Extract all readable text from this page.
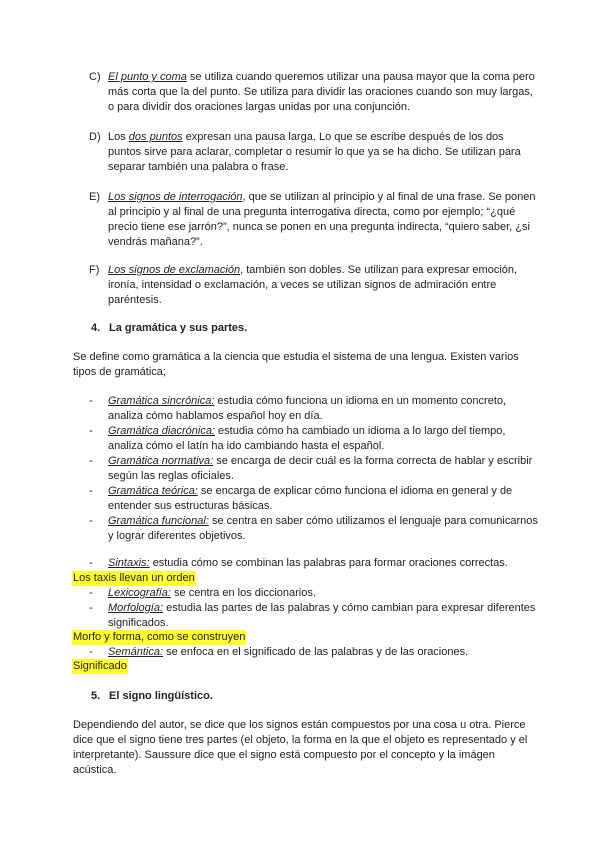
C) El punto y coma se utiliza cuando queremos utilizar una pausa mayor que la coma pero más corta que la del punto. Se utiliza para dividir las oraciones cuando son muy largas, o para dividir dos oraciones largas unidas por una conjunción.
D) Los dos puntos expresan una pausa larga. Lo que se escribe después de los dos puntos sirve para aclarar, completar o resumir lo que ya se ha dicho. Se utilizan para separar también una palabra o frase.
E) Los signos de interrogación, que se utilizan al principio y al final de una frase. Se ponen al principio y al final de una pregunta interrogativa directa, como por ejemplo; “¿qué precio tiene ese jarrón?”, nunca se ponen en una pregunta indirecta, “quiero saber, ¿si vendrás mañana?”.
F) Los signos de exclamación, también son dobles. Se utilizan para expresar emoción, ironía, intensidad o exclamación, a veces se utilizan signos de admiración entre paréntesis.
4. La gramática y sus partes.
Se define como gramática a la ciencia que estudia el sistema de una lengua. Existen varios tipos de gramática;
- Gramática sincrónica: estudia cómo funciona un idioma en un momento concreto, analiza cómo hablamos español hoy en día.
- Gramática diacrónica: estudia cómo ha cambiado un idioma a lo largo del tiempo, analiza cómo el latín ha ido cambiando hasta el español.
- Gramática normativa: se encarga de decir cuál es la forma correcta de hablar y escribir según las reglas oficiales.
- Gramática teórica: se encarga de explicar cómo funciona el idioma en general y de entender sus estructuras básicas.
- Gramática funcional: se centra en saber cómo utilizamos el lenguaje para comunicarnos y lograr diferentes objetivos.
- Sintaxis: estudia cómo se combinan las palabras para formar oraciones correctas.
Los taxis llevan un orden
- Lexicografía: se centra en los diccionarios.
- Morfología: estudia las partes de las palabras y cómo cambian para expresar diferentes significados.
Morfo y forma, como se construyen
- Semántica: se enfoca en el significado de las palabras y de las oraciones.
Significado
5. El signo lingüístico.
Dependiendo del autor, se dice que los signos están compuestos por una cosa u otra. Pierce dice que el signo tiene tres partes (el objeto, la forma en la que el objeto es representado y el interpretante). Saussure dice que el signo está compuesto por el concepto y la imágen acústica.
